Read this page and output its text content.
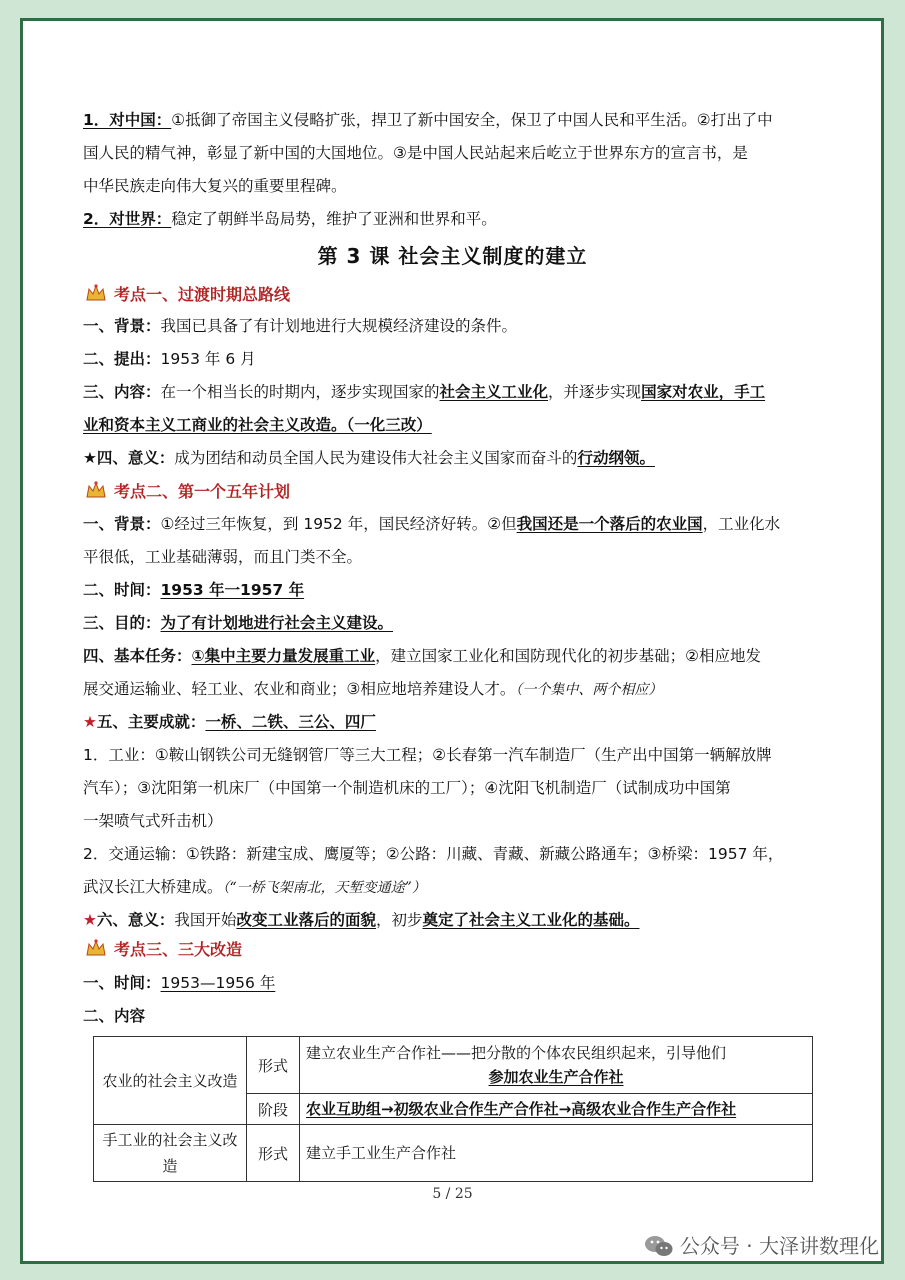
1．对中国：①抵御了帝国主义侵略扩张，捍卫了新中国安全，保卫了中国人民和平生活。②打出了中
国人民的精气神，彰显了新中国的大国地位。③是中国人民站起来后屹立于世界东方的宣言书，是
中华民族走向伟大复兴的重要里程碑。
2．对世界：稳定了朝鲜半岛局势，维护了亚洲和世界和平。
第 3 课 社会主义制度的建立
考点一、过渡时期总路线
一、背景：我国已具备了有计划地进行大规模经济建设的条件。
二、提出：1953 年 6 月
三、内容：在一个相当长的时期内，逐步实现国家的社会主义工业化，并逐步实现国家对农业，手工
业和资本主义工商业的社会主义改造。（一化三改）
★四、意义：成为团结和动员全国人民为建设伟大社会主义国家而奋斗的行动纲领。
考点二、第一个五年计划
一、背景：①经过三年恢复，到 1952 年，国民经济好转。②但我国还是一个落后的农业国，工业化水
平很低，工业基础薄弱，而且门类不全。
二、时间：1953 年一1957 年
三、目的：为了有计划地进行社会主义建设。
四、基本任务：①集中主要力量发展重工业，建立国家工业化和国防现代化的初步基础；②相应地发
展交通运输业、轻工业、农业和商业；③相应地培养建设人才。（一个集中、两个相应）
★五、主要成就：一桥、二铁、三公、四厂
1．工业：①鞍山钢铁公司无缝钢管厂等三大工程；②长春第一汽车制造厂（生产出中国第一辆解放牌
汽车）；③沈阳第一机床厂（中国第一个制造机床的工厂）；④沈阳飞机制造厂（试制成功中国第
一架喷气式歼击机）
2．交通运输：①铁路：新建宝成、鹰厦等；②公路：川藏、青藏、新藏公路通车；③桥梁：1957 年，
武汉长江大桥建成。（“一桥飞架南北，天堑变通途”）
★六、意义：我国开始改变工业落后的面貌，初步奠定了社会主义工业化的基础。
考点三、三大改造
一、时间：1953—1956 年
二、内容
农业的社会主义改造	形式	建立农业生产合作社——把分散的个体农民组织起来，引导他们
参加农业生产合作社

	阶段	农业互助组→初级农业合作生产合作社→高级农业合作生产合作社
手工业的社会主义改造	形式	建立手工业生产合作社
5 / 25
公众号 · 大泽讲数理化
